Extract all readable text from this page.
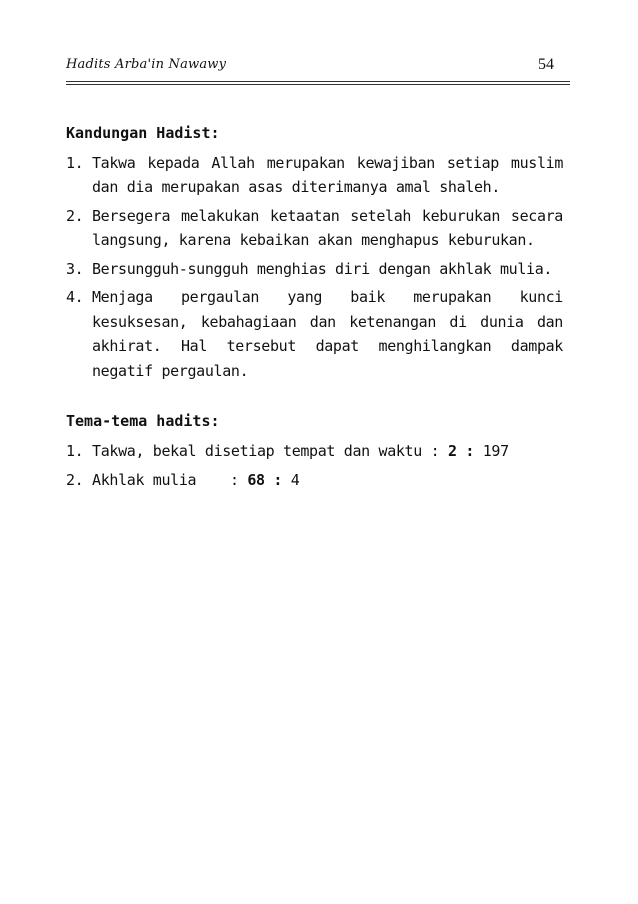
Hadits Arba'in Nawawy	54
Kandungan Hadist:
1. Takwa kepada Allah merupakan kewajiban setiap muslim dan dia merupakan asas diterimanya amal shaleh.
2. Bersegera melakukan ketaatan setelah keburukan secara langsung, karena kebaikan akan menghapus keburukan.
3. Bersungguh-sungguh menghias diri dengan akhlak mulia.
4. Menjaga pergaulan yang baik merupakan kunci kesuksesan, kebahagiaan dan ketenangan di dunia dan akhirat. Hal tersebut dapat menghilangkan dampak negatif pergaulan.
Tema-tema hadits:
1. Takwa, bekal disetiap tempat dan waktu : 2 : 197
2. Akhlak mulia : 68 : 4
